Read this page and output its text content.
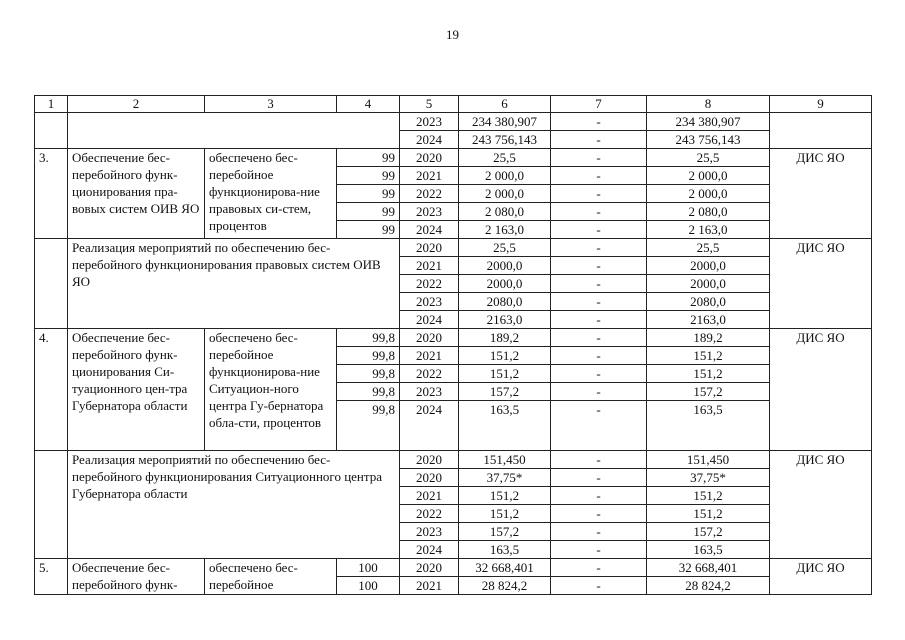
19
1	2	3	4	5	6	7	8	9
				2023	234 380,907	-	234 380,907	
				2024	243 756,143	-	243 756,143	
3.	Обеспечение бес-перебойного функ-ционирования пра-вовых систем ОИВ ЯО	обеспечено бес-перебойное функционирова-ние правовых си-стем, процентов	99	2020	25,5	-	25,5	ДИС ЯО
			99	2021	2 000,0	-	2 000,0	
			99	2022	2 000,0	-	2 000,0	
			99	2023	2 080,0	-	2 080,0	
			99	2024	2 163,0	-	2 163,0	
	Реализация мероприятий по обеспечению бес-перебойного функционирования правовых систем ОИВ ЯО			2020	25,5	-	25,5	ДИС ЯО
				2021	2000,0	-	2000,0	
				2022	2000,0	-	2000,0	
				2023	2080,0	-	2080,0	
				2024	2163,0	-	2163,0	
4.	Обеспечение бес-перебойного функ-ционирования Си-туационного цен-тра Губернатора области	обеспечено бес-перебойное функционирова-ние Ситуацион-ного центра Гу-бернатора обла-сти, процентов	99,8	2020	189,2	-	189,2	ДИС ЯО
			99,8	2021	151,2	-	151,2	
			99,8	2022	151,2	-	151,2	
			99,8	2023	157,2	-	157,2	
			99,8	2024	163,5	-	163,5	
	Реализация мероприятий по обеспечению бес-перебойного функционирования Ситуационного центра Губернатора области			2020	151,450	-	151,450	ДИС ЯО
				2020	37,75*	-	37,75*	
				2021	151,2	-	151,2	
				2022	151,2	-	151,2	
				2023	157,2	-	157,2	
				2024	163,5	-	163,5	
5.	Обеспечение бес-перебойного функ-	обеспечено бес-перебойное	100	2020	32 668,401	-	32 668,401	ДИС ЯО
			100	2021	28 824,2	-	28 824,2	
